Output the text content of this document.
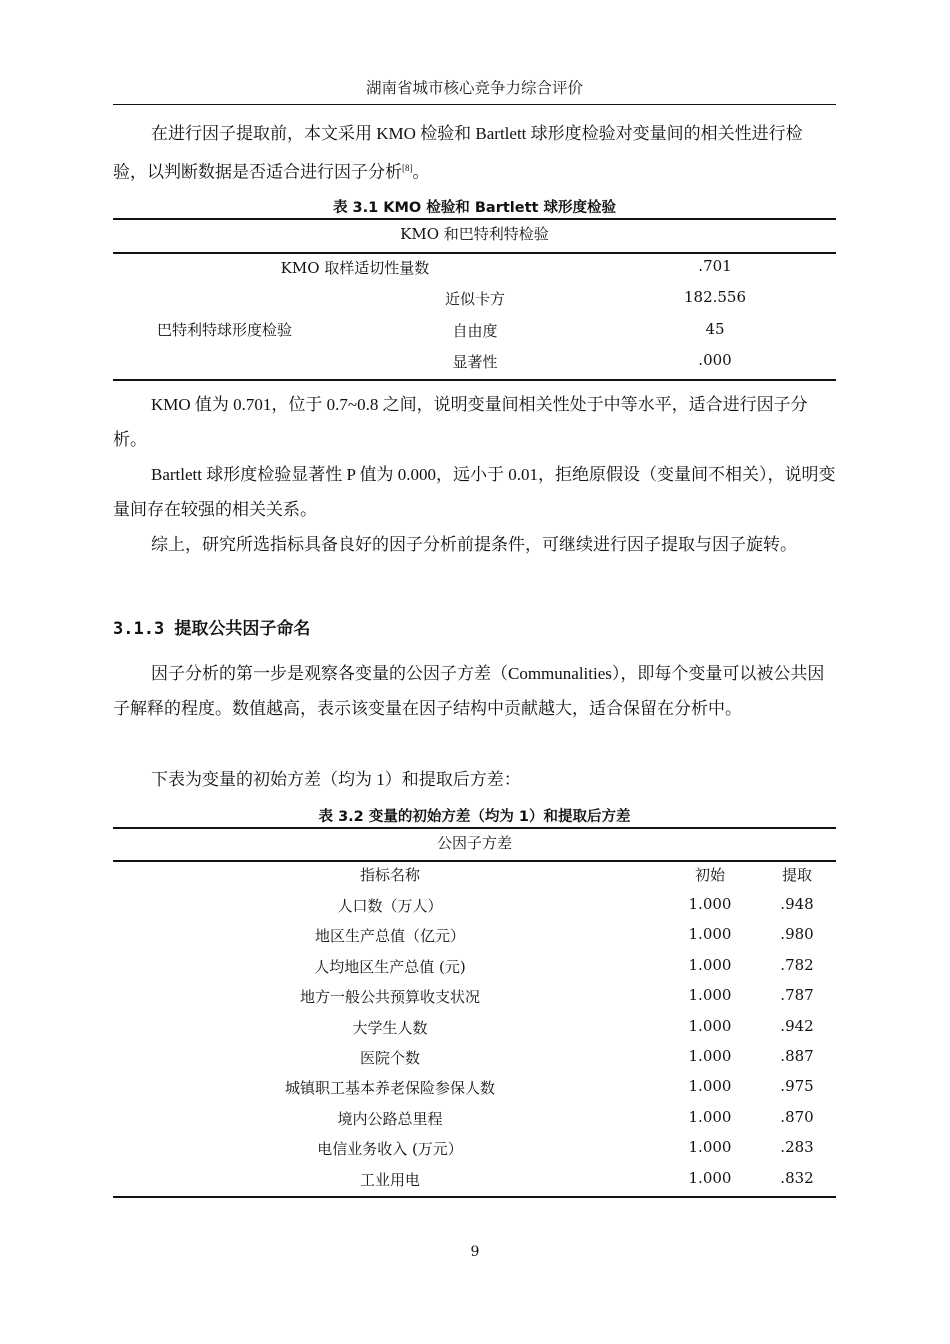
湖南省城市核心竞争力综合评价
在进行因子提取前，本文采用 KMO 检验和 Bartlett 球形度检验对变量间的相关性进行检验，以判断数据是否适合进行因子分析[8]。
表 3.1 KMO 检验和 Bartlett 球形度检验
KMO 和巴特利特检验
KMO 取样适切性量数	.701
巴特利特球形度检验
近似卡方	182.556
自由度	45
显著性	.000
KMO 值为 0.701，位于 0.7~0.8 之间，说明变量间相关性处于中等水平，适合进行因子分析。
Bartlett 球形度检验显著性 P 值为 0.000，远小于 0.01，拒绝原假设（变量间不相关），说明变量间存在较强的相关关系。
综上，研究所选指标具备良好的因子分析前提条件，可继续进行因子提取与因子旋转。
3.1.3 提取公共因子命名
因子分析的第一步是观察各变量的公因子方差（Communalities），即每个变量可以被公共因子解释的程度。数值越高，表示该变量在因子结构中贡献越大，适合保留在分析中。
下表为变量的初始方差（均为 1）和提取后方差：
表 3.2 变量的初始方差（均为 1）和提取后方差
公因子方差
指标名称	初始	提取
人口数（万人）	1.000	.948
地区生产总值（亿元）	1.000	.980
人均地区生产总值 (元)	1.000	.782
地方一般公共预算收支状况	1.000	.787
大学生人数	1.000	.942
医院个数	1.000	.887
城镇职工基本养老保险参保人数	1.000	.975
境内公路总里程	1.000	.870
电信业务收入 (万元）	1.000	.283
工业用电	1.000	.832
9
